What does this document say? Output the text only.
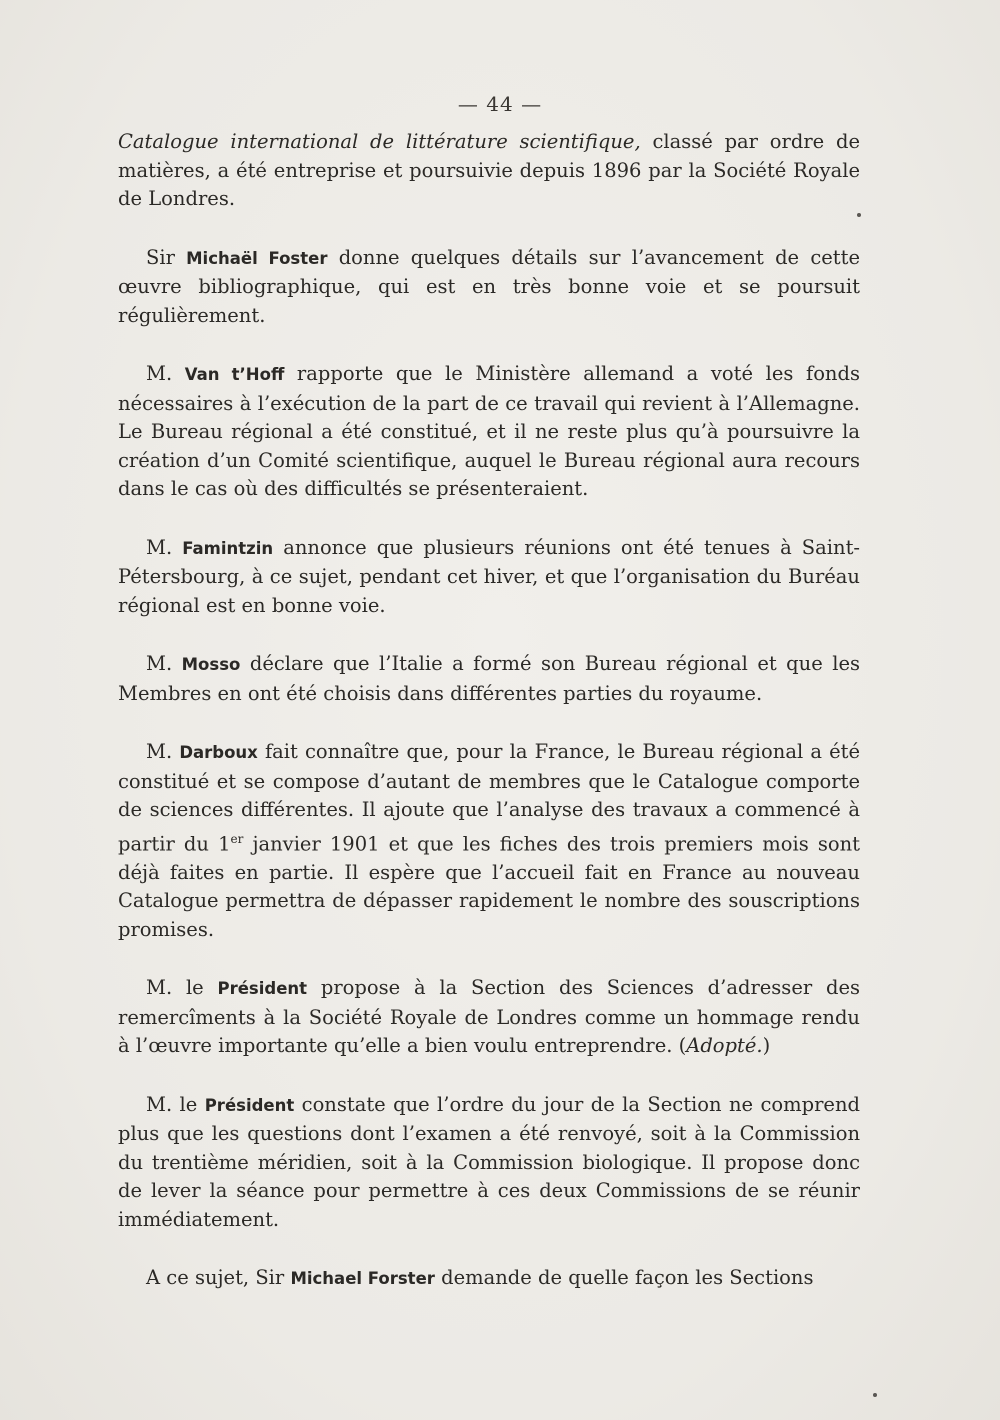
— 44 —

Catalogue international de littérature scientifique, classé par ordre de matières, a été entreprise et poursuivie depuis 1896 par la Société Royale de Londres.

Sir Michaël Foster donne quelques détails sur l’avancement de cette œuvre bibliographique, qui est en très bonne voie et se poursuit régulièrement.

M. Van t’Hoff rapporte que le Ministère allemand a voté les fonds nécessaires à l’exécution de la part de ce travail qui revient à l’Allemagne. Le Bureau régional a été constitué, et il ne reste plus qu’à poursuivre la création d’un Comité scientifique, auquel le Bureau régional aura recours dans le cas où des difficultés se présenteraient.

M. Famintzin annonce que plusieurs réunions ont été tenues à Saint-Pétersbourg, à ce sujet, pendant cet hiver, et que l’organisation du Buréau régional est en bonne voie.

M. Mosso déclare que l’Italie a formé son Bureau régional et que les Membres en ont été choisis dans différentes parties du royaume.

M. Darboux fait connaître que, pour la France, le Bureau régional a été constitué et se compose d’autant de membres que le Catalogue comporte de sciences différentes. Il ajoute que l’analyse des travaux a commencé à partir du 1er janvier 1901 et que les fiches des trois premiers mois sont déjà faites en partie. Il espère que l’accueil fait en France au nouveau Catalogue permettra de dépasser rapidement le nombre des souscriptions promises.

M. le Président propose à la Section des Sciences d’adresser des remercîments à la Société Royale de Londres comme un hommage rendu à l’œuvre importante qu’elle a bien voulu entreprendre. (Adopté.)

M. le Président constate que l’ordre du jour de la Section ne comprend plus que les questions dont l’examen a été renvoyé, soit à la Commission du trentième méridien, soit à la Commission biologique. Il propose donc de lever la séance pour permettre à ces deux Commissions de se réunir immédiatement.

A ce sujet, Sir Michael Forster demande de quelle façon les Sections
